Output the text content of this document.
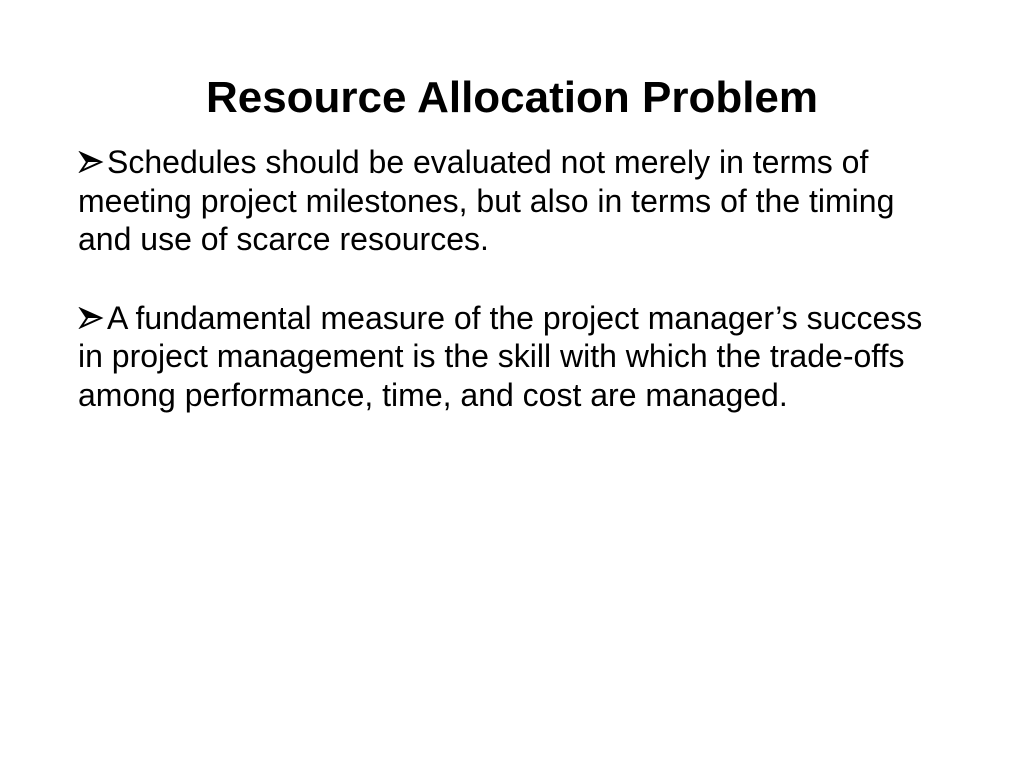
Resource Allocation Problem
Schedules should be evaluated not merely in terms of meeting project milestones, but also in terms of the timing and use of scarce resources.
A fundamental measure of the project manager’s success in project management is the skill with which the trade-offs among performance, time, and cost are managed.
